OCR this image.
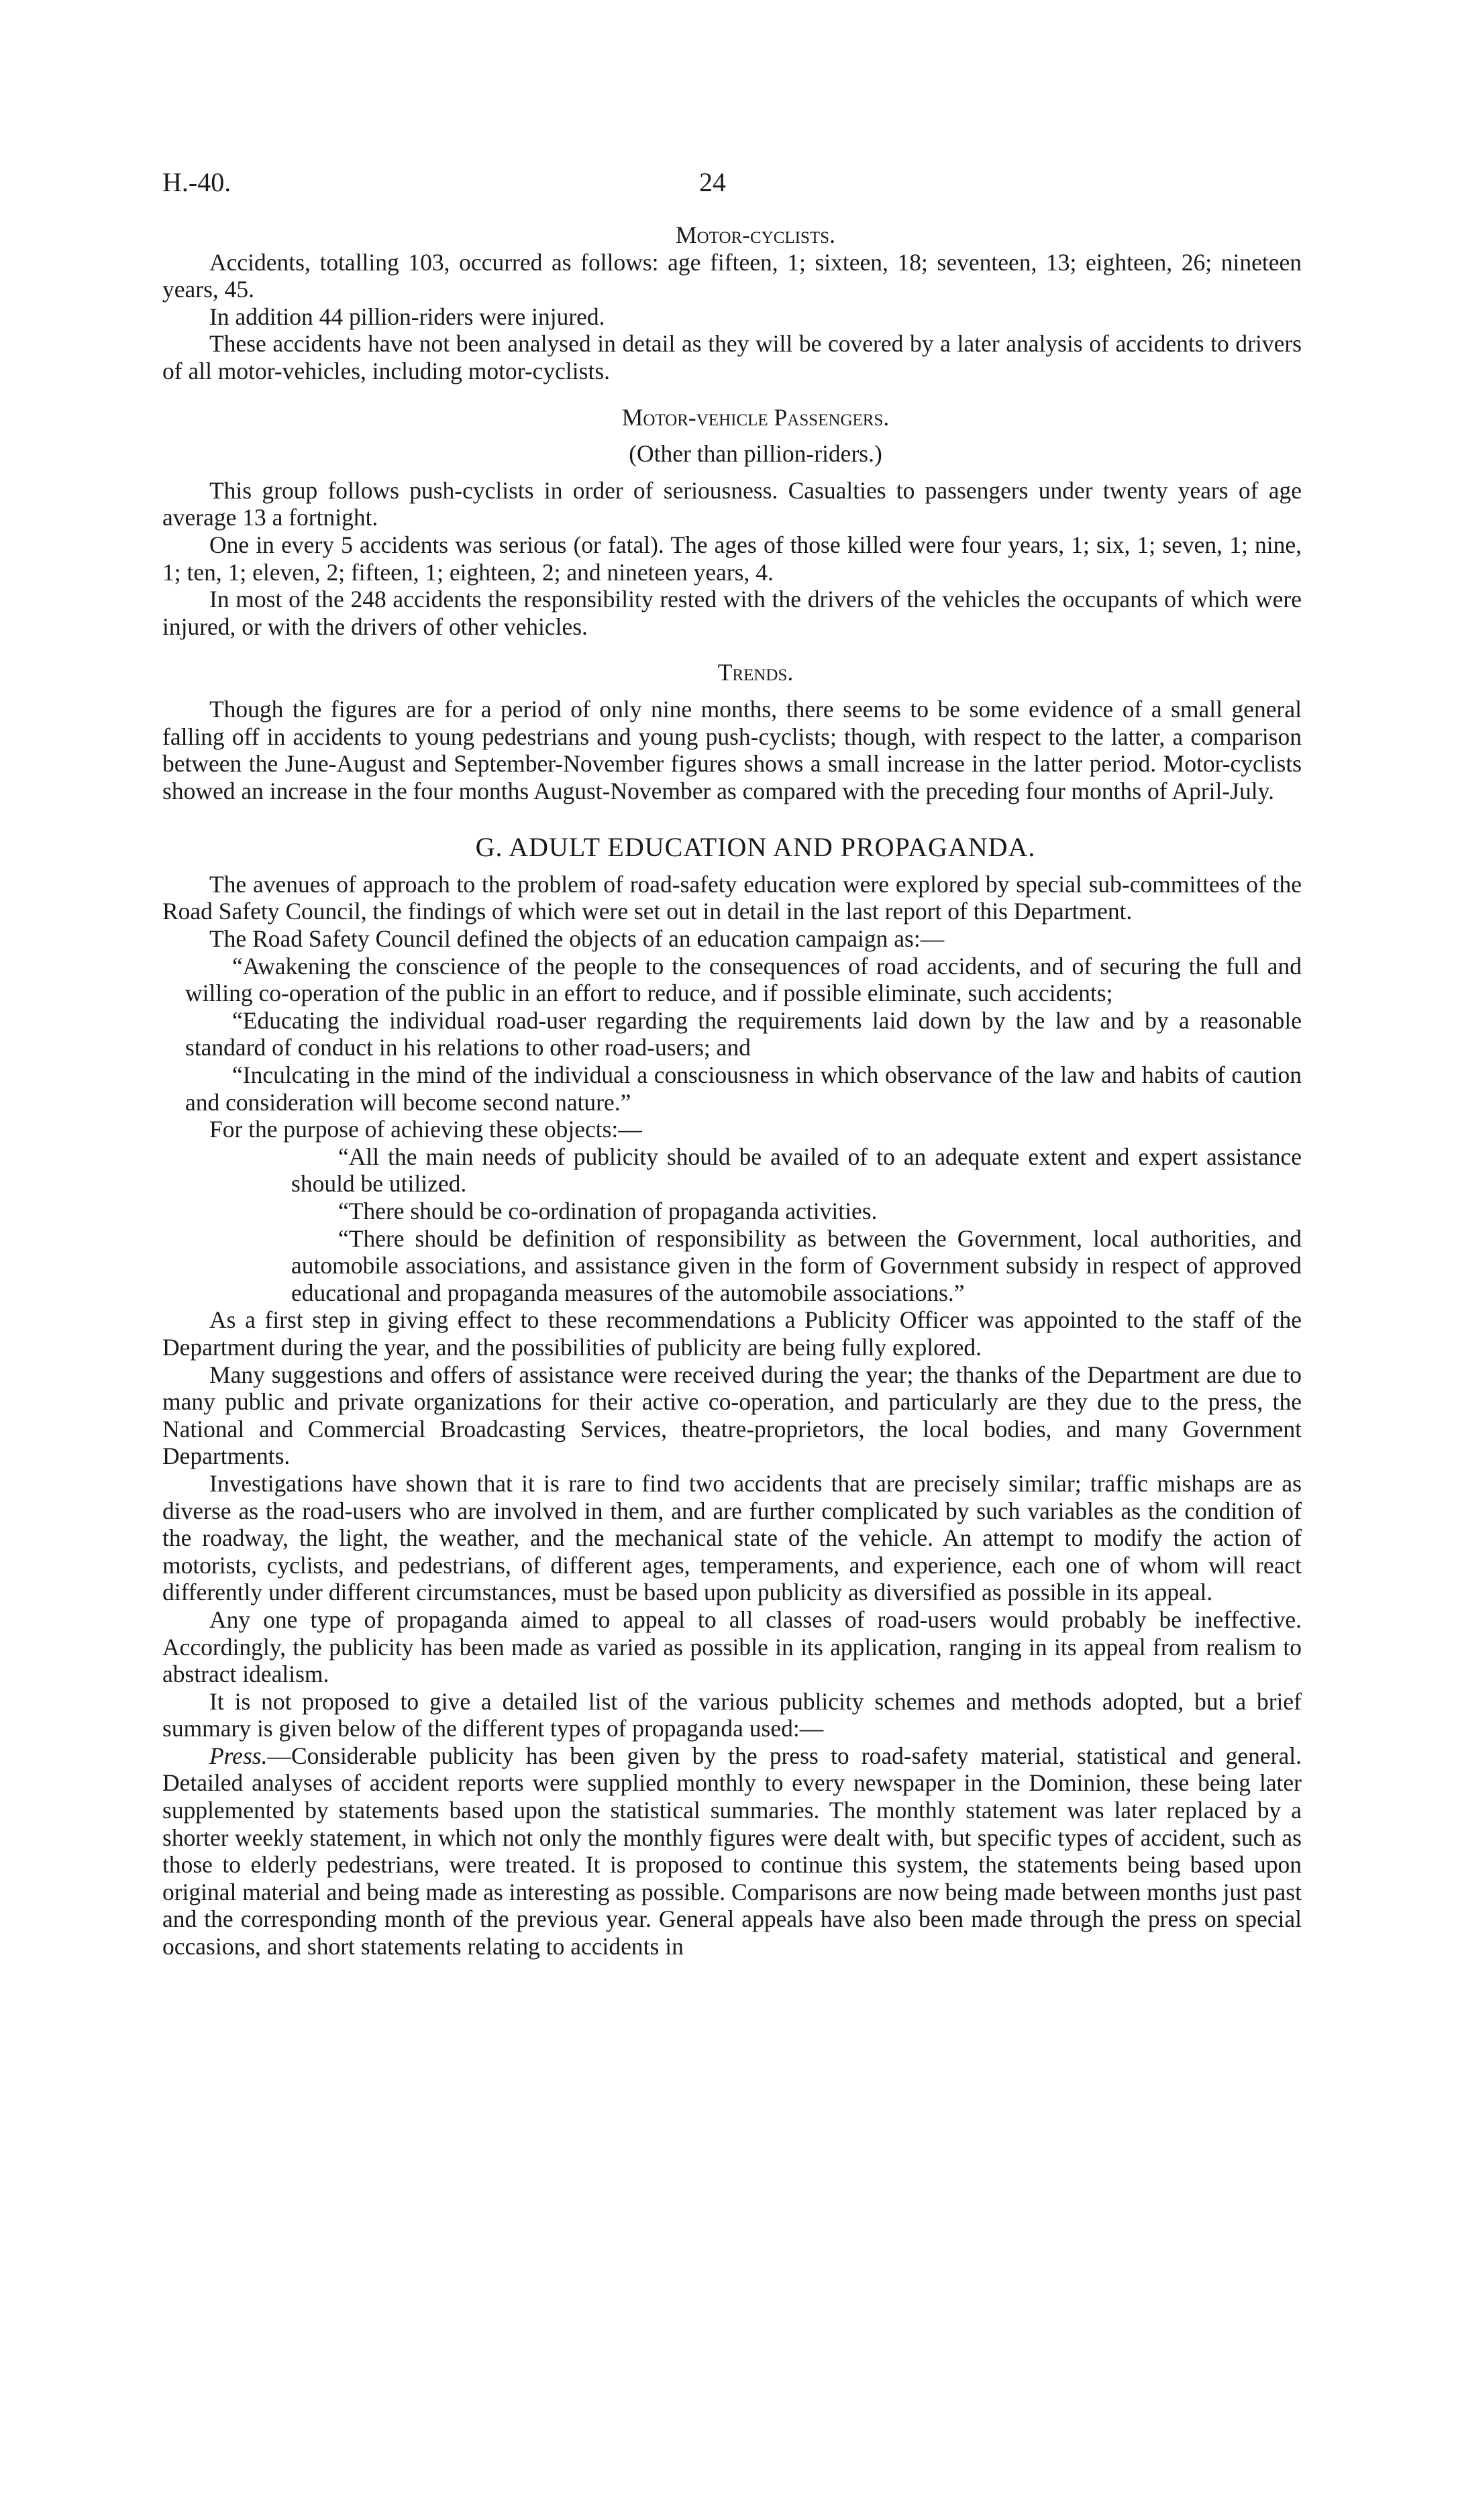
H.-40.	24

Motor-cyclists.

Accidents, totalling 103, occurred as follows: age fifteen, 1; sixteen, 18; seventeen, 13; eighteen, 26; nineteen years, 45.

In addition 44 pillion-riders were injured.

These accidents have not been analysed in detail as they will be covered by a later analysis of accidents to drivers of all motor-vehicles, including motor-cyclists.

Motor-vehicle Passengers.

(Other than pillion-riders.)

This group follows push-cyclists in order of seriousness. Casualties to passengers under twenty years of age average 13 a fortnight.

One in every 5 accidents was serious (or fatal). The ages of those killed were four years, 1; six, 1; seven, 1; nine, 1; ten, 1; eleven, 2; fifteen, 1; eighteen, 2; and nineteen years, 4.

In most of the 248 accidents the responsibility rested with the drivers of the vehicles the occupants of which were injured, or with the drivers of other vehicles.

Trends.

Though the figures are for a period of only nine months, there seems to be some evidence of a small general falling off in accidents to young pedestrians and young push-cyclists; though, with respect to the latter, a comparison between the June-August and September-November figures shows a small increase in the latter period. Motor-cyclists showed an increase in the four months August-November as compared with the preceding four months of April-July.

G. ADULT EDUCATION AND PROPAGANDA.

The avenues of approach to the problem of road-safety education were explored by special sub-committees of the Road Safety Council, the findings of which were set out in detail in the last report of this Department.

The Road Safety Council defined the objects of an education campaign as:—

“Awakening the conscience of the people to the consequences of road accidents, and of securing the full and willing co-operation of the public in an effort to reduce, and if possible eliminate, such accidents;

“Educating the individual road-user regarding the requirements laid down by the law and by a reasonable standard of conduct in his relations to other road-users; and

“Inculcating in the mind of the individual a consciousness in which observance of the law and habits of caution and consideration will become second nature.”

For the purpose of achieving these objects:—

“All the main needs of publicity should be availed of to an adequate extent and expert assistance should be utilized.

“There should be co-ordination of propaganda activities.

“There should be definition of responsibility as between the Government, local authorities, and automobile associations, and assistance given in the form of Government subsidy in respect of approved educational and propaganda measures of the automobile associations.”

As a first step in giving effect to these recommendations a Publicity Officer was appointed to the staff of the Department during the year, and the possibilities of publicity are being fully explored.

Many suggestions and offers of assistance were received during the year; the thanks of the Department are due to many public and private organizations for their active co-operation, and particularly are they due to the press, the National and Commercial Broadcasting Services, theatre-proprietors, the local bodies, and many Government Departments.

Investigations have shown that it is rare to find two accidents that are precisely similar; traffic mishaps are as diverse as the road-users who are involved in them, and are further complicated by such variables as the condition of the roadway, the light, the weather, and the mechanical state of the vehicle. An attempt to modify the action of motorists, cyclists, and pedestrians, of different ages, temperaments, and experience, each one of whom will react differently under different circumstances, must be based upon publicity as diversified as possible in its appeal.

Any one type of propaganda aimed to appeal to all classes of road-users would probably be ineffective. Accordingly, the publicity has been made as varied as possible in its application, ranging in its appeal from realism to abstract idealism.

It is not proposed to give a detailed list of the various publicity schemes and methods adopted, but a brief summary is given below of the different types of propaganda used:—

Press.—Considerable publicity has been given by the press to road-safety material, statistical and general. Detailed analyses of accident reports were supplied monthly to every newspaper in the Dominion, these being later supplemented by statements based upon the statistical summaries. The monthly statement was later replaced by a shorter weekly statement, in which not only the monthly figures were dealt with, but specific types of accident, such as those to elderly pedestrians, were treated. It is proposed to continue this system, the statements being based upon original material and being made as interesting as possible. Comparisons are now being made between months just past and the corresponding month of the previous year. General appeals have also been made through the press on special occasions, and short statements relating to accidents in
